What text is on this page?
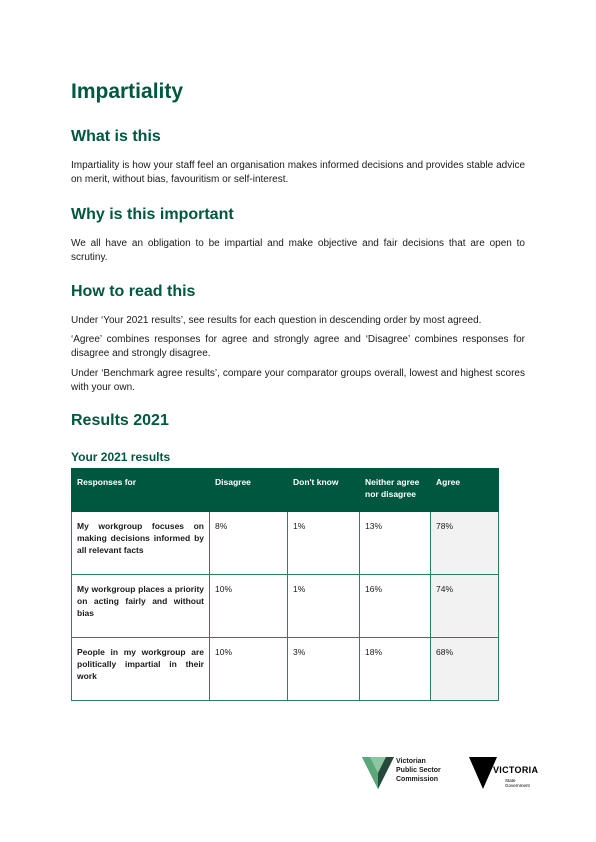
Impartiality
What is this

Impartiality is how your staff feel an organisation makes informed decisions and provides stable advice on merit, without bias, favouritism or self-interest.

Why is this important

We all have an obligation to be impartial and make objective and fair decisions that are open to scrutiny.

How to read this

Under ‘Your 2021 results’, see results for each question in descending order by most agreed.

‘Agree’ combines responses for agree and strongly agree and ‘Disagree’ combines responses for disagree and strongly disagree.

Under ‘Benchmark agree results’, compare your comparator groups overall, lowest and highest scores with your own.

Results 2021
Your 2021 results
Responses for	Disagree	Don't know	Neither agree nor disagree	Agree
My workgroup focuses on making decisions informed by all relevant facts	8%	1%	13%	78%
My workgroup places a priority on acting fairly and without bias	10%	1%	16%	74%
People in my workgroup are politically impartial in their work	10%	3%	18%	68%
Victorian
Public Sector
Commission
VICTORIA
State
Government
